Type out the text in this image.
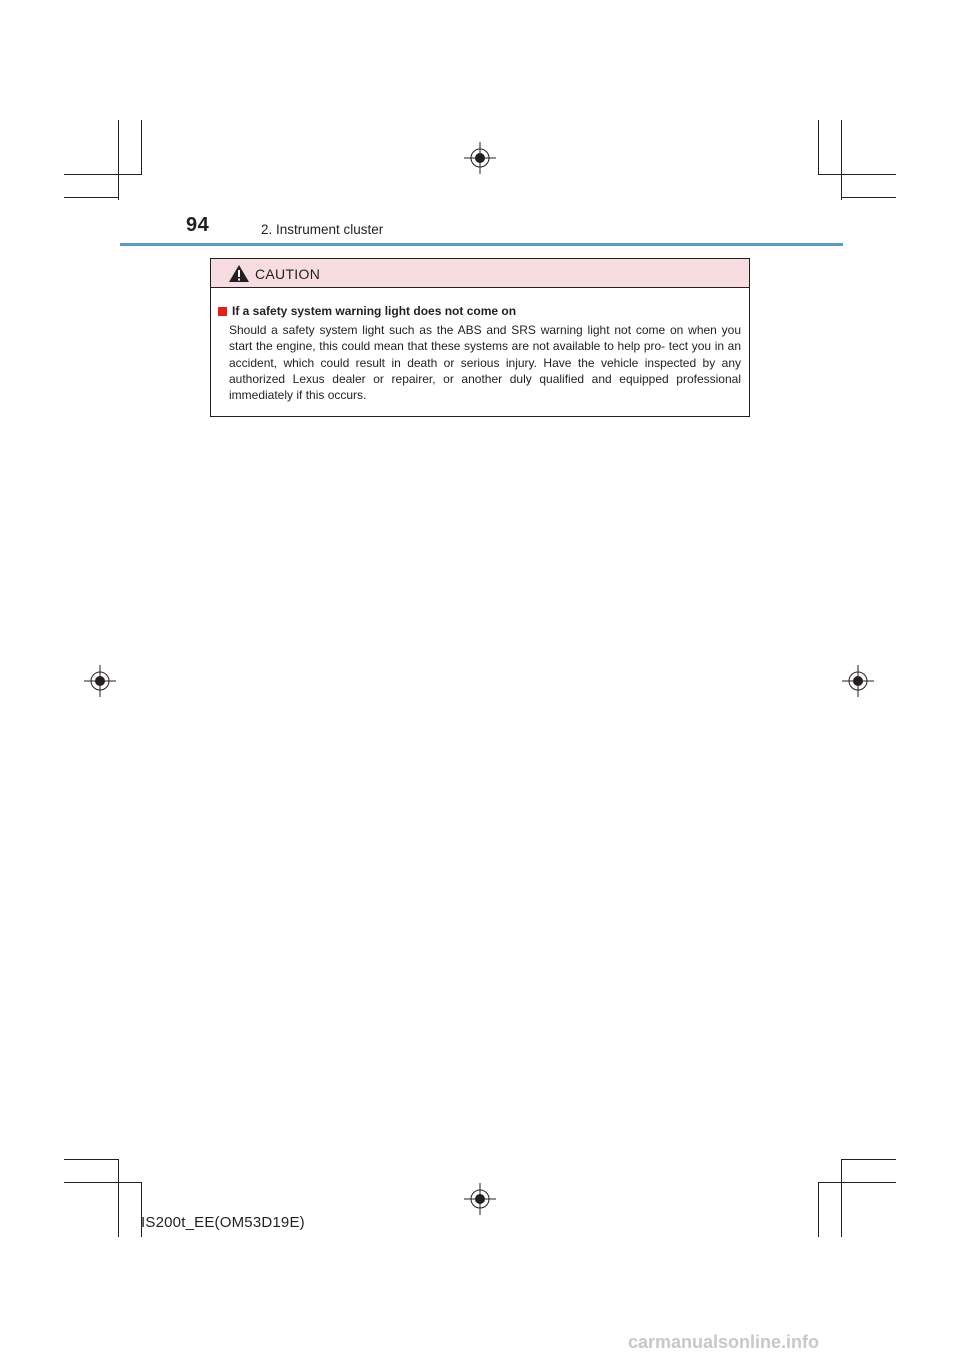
94	2. Instrument cluster
CAUTION
If a safety system warning light does not come on
Should a safety system light such as the ABS and SRS warning light not come on when you start the engine, this could mean that these systems are not available to help pro- tect you in an accident, which could result in death or serious injury. Have the vehicle inspected by any authorized Lexus dealer or repairer, or another duly qualified and equipped professional immediately if this occurs.
IS200t_EE(OM53D19E)
carmanualsonline.info
